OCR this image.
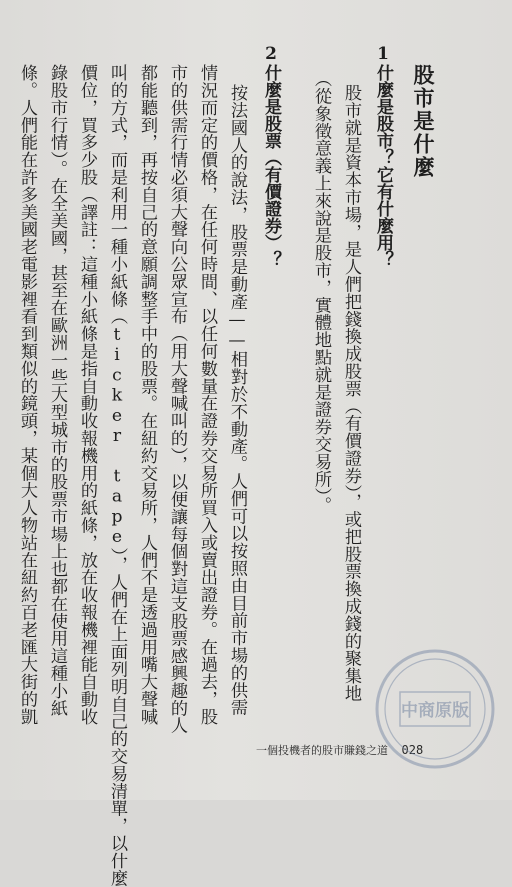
股市是什麼
1什麼是股市？它有什麼用？
股市就是資本市場，是人們把錢換成股票（有價證券），或把股票換成錢的聚集地
（從象徵意義上來說是股市，實體地點就是證券交易所）。
2什麼是股票（有價證券）？
按法國人的說法，股票是動產——相對於不動產。人們可以按照由目前市場的供需
情況而定的價格，在任何時間、以任何數量在證券交易所買入或賣出證券。在過去，股
市的供需行情必須大聲向公眾宣布（用大聲喊叫的），以便讓每個對這支股票感興趣的人
都能聽到，再按自己的意願調整手中的股票。在紐約交易所，人們不是透過用嘴大聲喊
叫的方式，而是利用一種小紙條（ticker tape），人們在上面列明自己的交易清單，以什麼
價位，買多少股（譯註：這種小紙條是指自動收報機用的紙條，放在收報機裡能自動收
錄股市行情）。在全美國，甚至在歐洲一些大型城市的股票市場上也都在使用這種小紙
條。人們能在許多美國老電影裡看到類似的鏡頭，某個大人物站在紐約百老匯大街的凱
一個投機者的股市賺錢之道 028
中商原版
